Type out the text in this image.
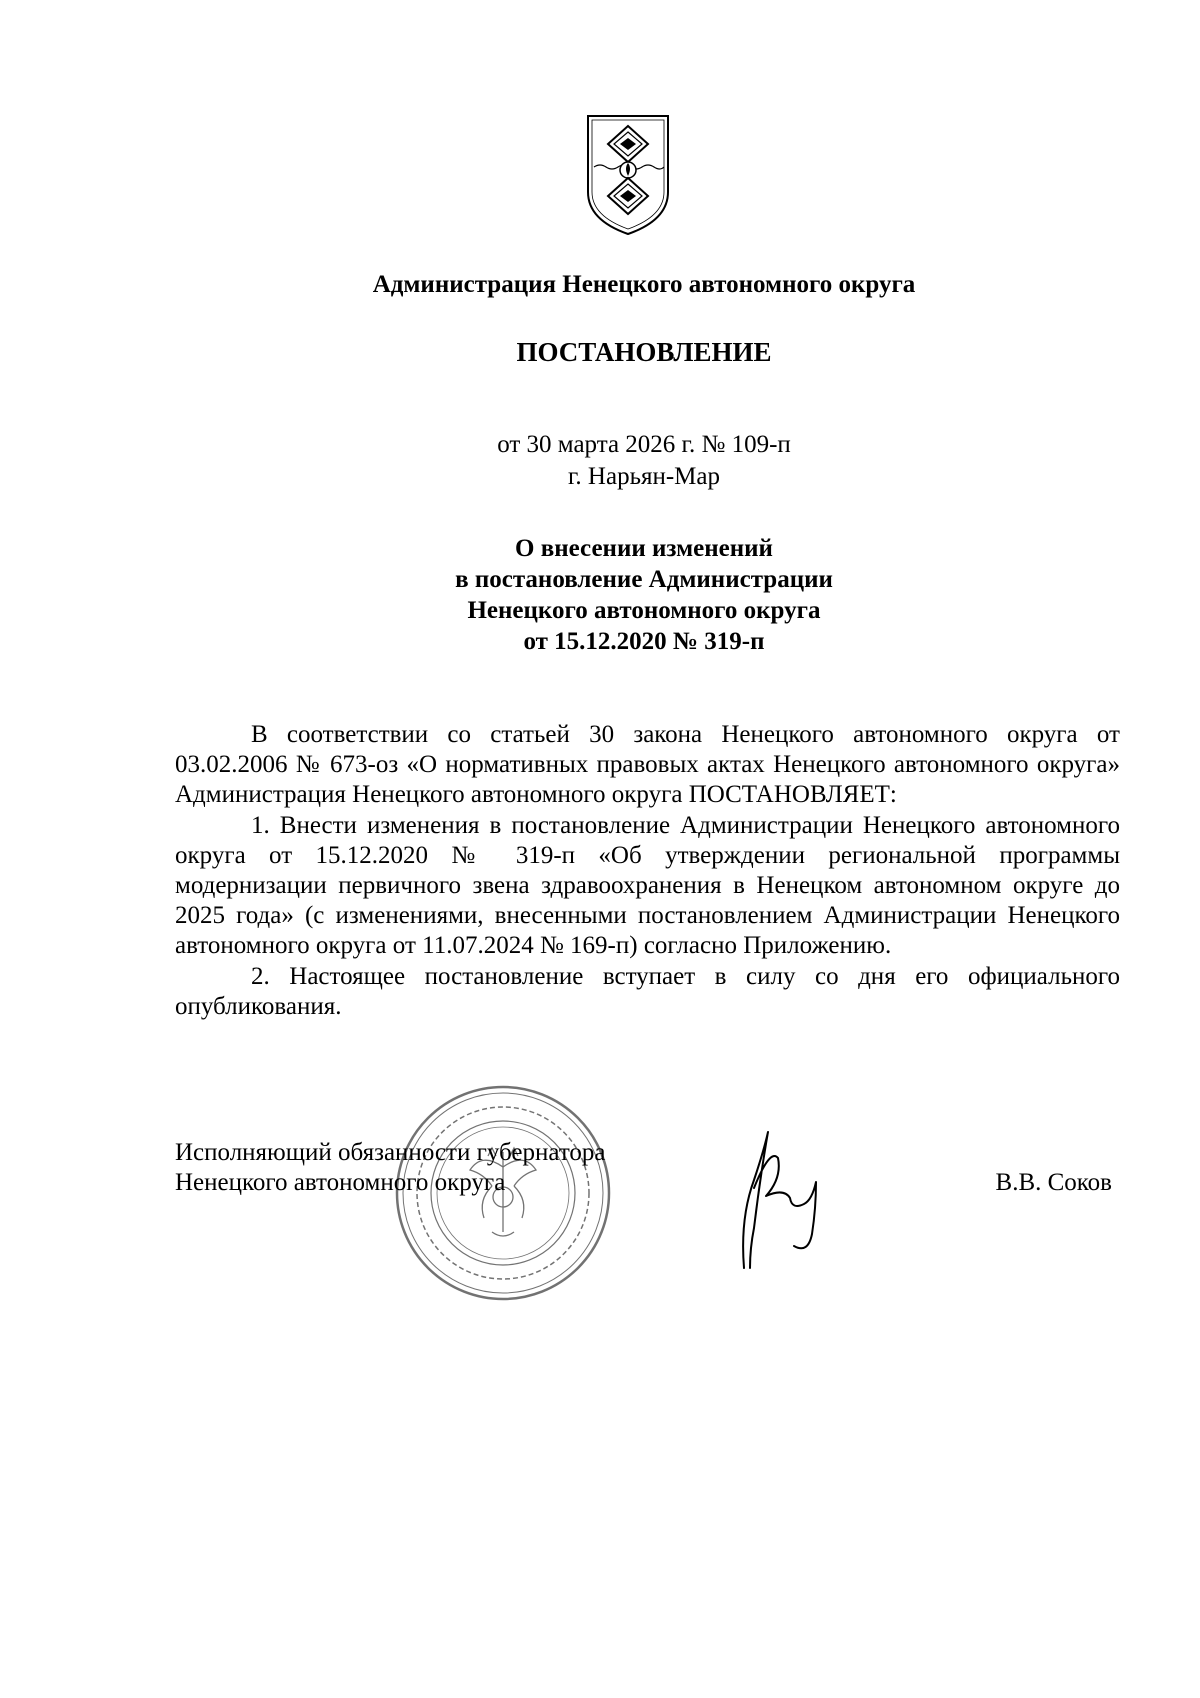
Администрация Ненецкого автономного округа
ПОСТАНОВЛЕНИЕ
от 30 марта 2026 г. № 109-п
г. Нарьян-Мар
О внесении изменений
в постановление Администрации
Ненецкого автономного округа
от 15.12.2020 № 319-п

В соответствии со статьей 30 закона Ненецкого автономного округа от 03.02.2006 № 673-оз «О нормативных правовых актах Ненецкого автономного округа» Администрация Ненецкого автономного округа ПОСТАНОВЛЯЕТ:

1. Внести изменения в постановление Администрации Ненецкого автономного округа от 15.12.2020 № 319-п «Об утверждении региональной программы модернизации первичного звена здравоохранения в Ненецком автономном округе до 2025 года» (с изменениями, внесенными постановлением Администрации Ненецкого автономного округа от 11.07.2024 № 169-п) согласно Приложению.

2. Настоящее постановление вступает в силу со дня его официального опубликования.

Исполняющий обязанности губернатора
Ненецкого автономного округа	В.В. Соков
